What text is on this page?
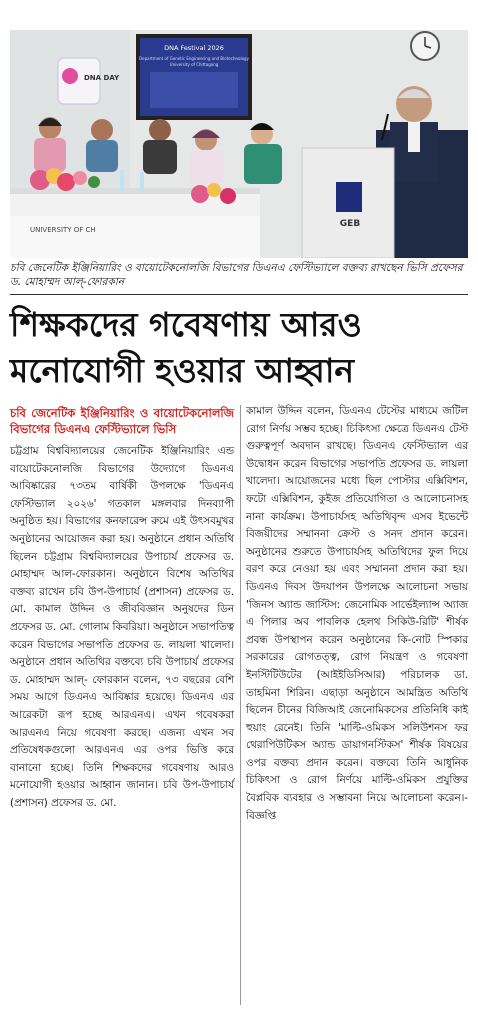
DNA Festival 2026
Department of Genetic Engineering and Biotechnology
University of Chittagong
DNA DAY
GEB
UNIVERSITY OF CH
চবি জেনেটিক ইঞ্জিনিয়ারিং ও বায়োটেকনোলজি বিভাগের ডিএনএ ফেস্টিভ্যালে বক্তব্য রাখছেন ভিসি প্রফেসর ড. মোহাম্মদ আল্-ফোরকান
শিক্ষকদের গবেষণায় আরও মনোযোগী হওয়ার আহ্বান
চবি জেনেটিক ইঞ্জিনিয়ারিং ও বায়োটেকনোলজি বিভাগের ডিএনএ ফেস্টিভ্যালে ভিসি

চট্টগ্রাম বিশ্ববিদ্যালয়ের জেনেটিক ইঞ্জিনিয়ারিং এন্ড বায়োটেকনোলজি বিভাগের উদ্যোগে ডিএনএ আবিষ্কারের ৭৩তম বার্ষিকী উপলক্ষে 'ডিএনএ ফেস্টিভ্যাল ২০২৬' গতকাল মঙ্গলবার দিনব্যাপী অনুষ্ঠিত হয়। বিভাগের কনফারেন্স রুমে এই উৎসবমুখর অনুষ্ঠানের আয়োজন করা হয়। অনুষ্ঠানে প্রধান অতিথি ছিলেন চট্টগ্রাম বিশ্ববিদ্যালয়ের উপাচার্য প্রফেসর ড. মোহাম্মদ আল-ফোরকান। অনুষ্ঠানে বিশেষ অতিথির বক্তব্য রাখেন চবি উপ-উপাচার্য (প্রশাসন) প্রফেসর ড. মো. কামাল উদ্দিন ও জীববিজ্ঞান অনুষদের ডিন প্রফেসর ড. মো. গোলাম কিবরিয়া। অনুষ্ঠানে সভাপতিত্ব করেন বিভাগের সভাপতি প্রফেসর ড. লায়লা খালেদা।অনুষ্ঠানে প্রধান অতিথির বক্তব্যে চবি উপাচার্য প্রফেসর ড. মোহাম্মদ আল্- ফোরকান বলেন, ৭৩ বছরের বেশি সময় আগে ডিএনএ আবিষ্কার হয়েছে। ডিএনএ এর আরেকটা রূপ হচ্ছে আরএনএ। এখন গবেষকরা আরএনএ নিয়ে গবেষণা করছে। এজন্য এখন সব প্রতিষেধকগুলো আরএনএ এর ওপর ভিত্তি করে বানানো হচ্ছে। তিনি শিক্ষকদের গবেষণায় আরও মনোযোগী হওয়ার আহ্বান জানান। চবি উপ-উপাচার্য (প্রশাসন) প্রফেসর ড. মো.

কামাল উদ্দিন বলেন, ডিএনএ টেস্টের মাধ্যমে জটিল রোগ নির্ণয় সম্ভব হচ্ছে। চিকিৎসা ক্ষেত্রে ডিএনএ টেস্ট গুরুত্বপূর্ণ অবদান রাখছে। ডিএনএ ফেস্টিভ্যাল এর উদ্বোধন করেন বিভাগের সভাপতি প্রফেসর ড. লায়লা খালেদা। আয়োজনের মধ্যে ছিল পোস্টার এক্সিবিশন, ফটো এক্সিবিশন, কুইজ প্রতিযোগিতা ও আলোচনাসহ নানা কার্যক্রম। উপাচার্যসহ অতিথিবৃন্দ এসব ইভেন্টে বিজয়ীদের সম্মাননা ক্রেস্ট ও সনদ প্রদান করেন। অনুষ্ঠানের শুরুতে উপাচার্যসহ অতিথিদের ফুল দিয়ে বরণ করে নেওয়া হয় এবং সম্মাননা প্রদান করা হয়। ডিএনএ দিবস উদযাপন উপলক্ষে আলোচনা সভায় 'জিনস অ্যান্ড জাস্টিস: জেনোমিক সার্ভেইল্যান্স অ্যাজ এ পিলার অব পাবলিক হেলথ সিকিউ-রিটি' শীর্ষক প্রবন্ধ উপস্থাপন করেন অনুষ্ঠানের কি-নোট স্পিকার সরকারের রোগতত্ত্ব, রোগ নিয়ন্ত্রণ ও গবেষণা ইনস্টিটিউটের (আইইডিসিআর) পরিচালক ডা. তাহমিনা শিরিন। এছাড়া অনুষ্ঠানে আমন্ত্রিত অতিথি ছিলেন চীনের বিজিআই জেনোমিকসের প্রতিনিধি কাই হুয়াং রেনেই। তিনি 'মাল্টি-ওমিকস সলিউশনস ফর থেরাপিউটিকস অ্যান্ড ডায়াগনস্টিকস' শীর্ষক বিষয়ের ওপর বক্তব্য প্রদান করেন। বক্তব্যে তিনি আধুনিক চিকিৎসা ও রোগ নির্ণয়ে মাল্টি-ওমিকস প্রযুক্তির বৈপ্লবিক ব্যবহার ও সম্ভাবনা নিয়ে আলোচনা করেন।-বিজ্ঞপ্তি
